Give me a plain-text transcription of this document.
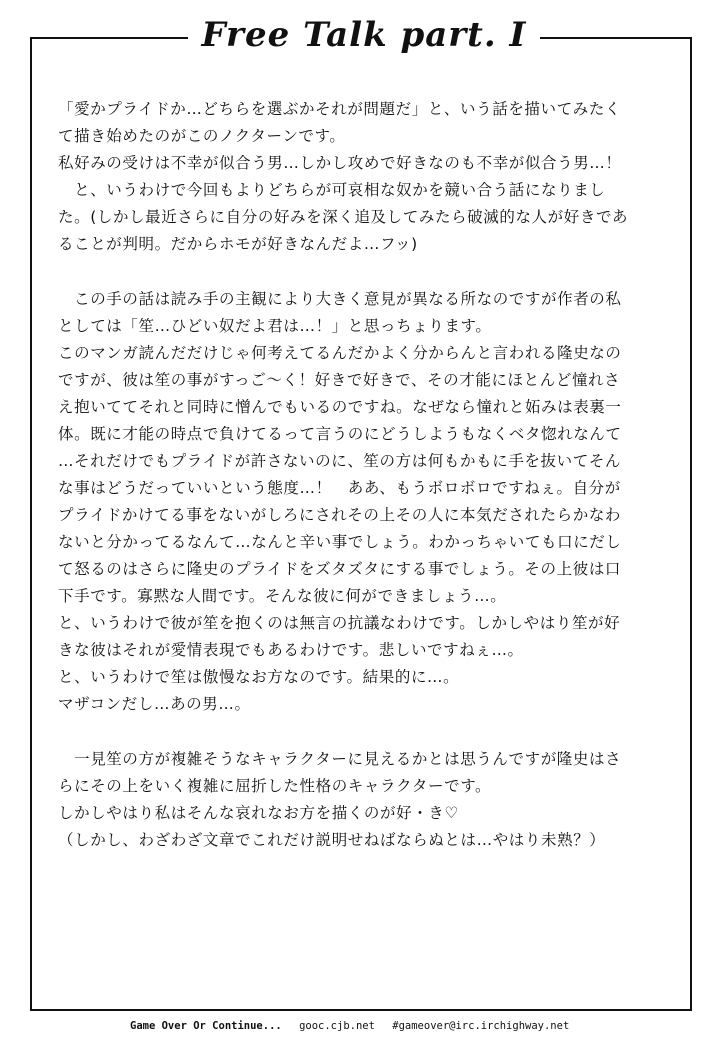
Free Talk part. I
「愛かプライドか…どちらを選ぶかそれが問題だ」と、いう話を描いてみたく
て描き始めたのがこのノクターンです。
私好みの受けは不幸が似合う男…しかし攻めで好きなのも不幸が似合う男…！
　と、いうわけで今回もよりどちらが可哀相な奴かを競い合う話になりまし
た。(しかし最近さらに自分の好みを深く追及してみたら破滅的な人が好きであ
ることが判明。だからホモが好きなんだよ…フッ)
　この手の話は読み手の主観により大きく意見が異なる所なのですが作者の私
としては「笙…ひどい奴だよ君は…！」と思っちょります。
このマンガ読んだだけじゃ何考えてるんだかよく分からんと言われる隆史なの
ですが、彼は笙の事がすっご〜く！好きで好きで、その才能にほとんど憧れさ
え抱いててそれと同時に憎んでもいるのですね。なぜなら憧れと妬みは表裏一
体。既に才能の時点で負けてるって言うのにどうしようもなくベタ惚れなんて
…それだけでもプライドが許さないのに、笙の方は何もかもに手を抜いてそん
な事はどうだっていいという態度…！　ああ、もうボロボロですねぇ。自分が
プライドかけてる事をないがしろにされその上その人に本気だされたらかなわ
ないと分かってるなんて…なんと辛い事でしょう。わかっちゃいても口にだし
て怒るのはさらに隆史のプライドをズタズタにする事でしょう。その上彼は口
下手です。寡黙な人間です。そんな彼に何ができましょう…。
と、いうわけで彼が笙を抱くのは無言の抗議なわけです。しかしやはり笙が好
きな彼はそれが愛情表現でもあるわけです。悲しいですねぇ…。
と、いうわけで笙は傲慢なお方なのです。結果的に…。
マザコンだし…あの男…。
　一見笙の方が複雑そうなキャラクターに見えるかとは思うんですが隆史はさ
らにその上をいく複雑に屈折した性格のキャラクターです。
しかしやはり私はそんな哀れなお方を描くのが好・き♡
（しかし、わざわざ文章でこれだけ説明せねばならぬとは…やはり未熟？）
Game Over Or Continue... gooc.cjb.net #gameover@irc.irchighway.net
